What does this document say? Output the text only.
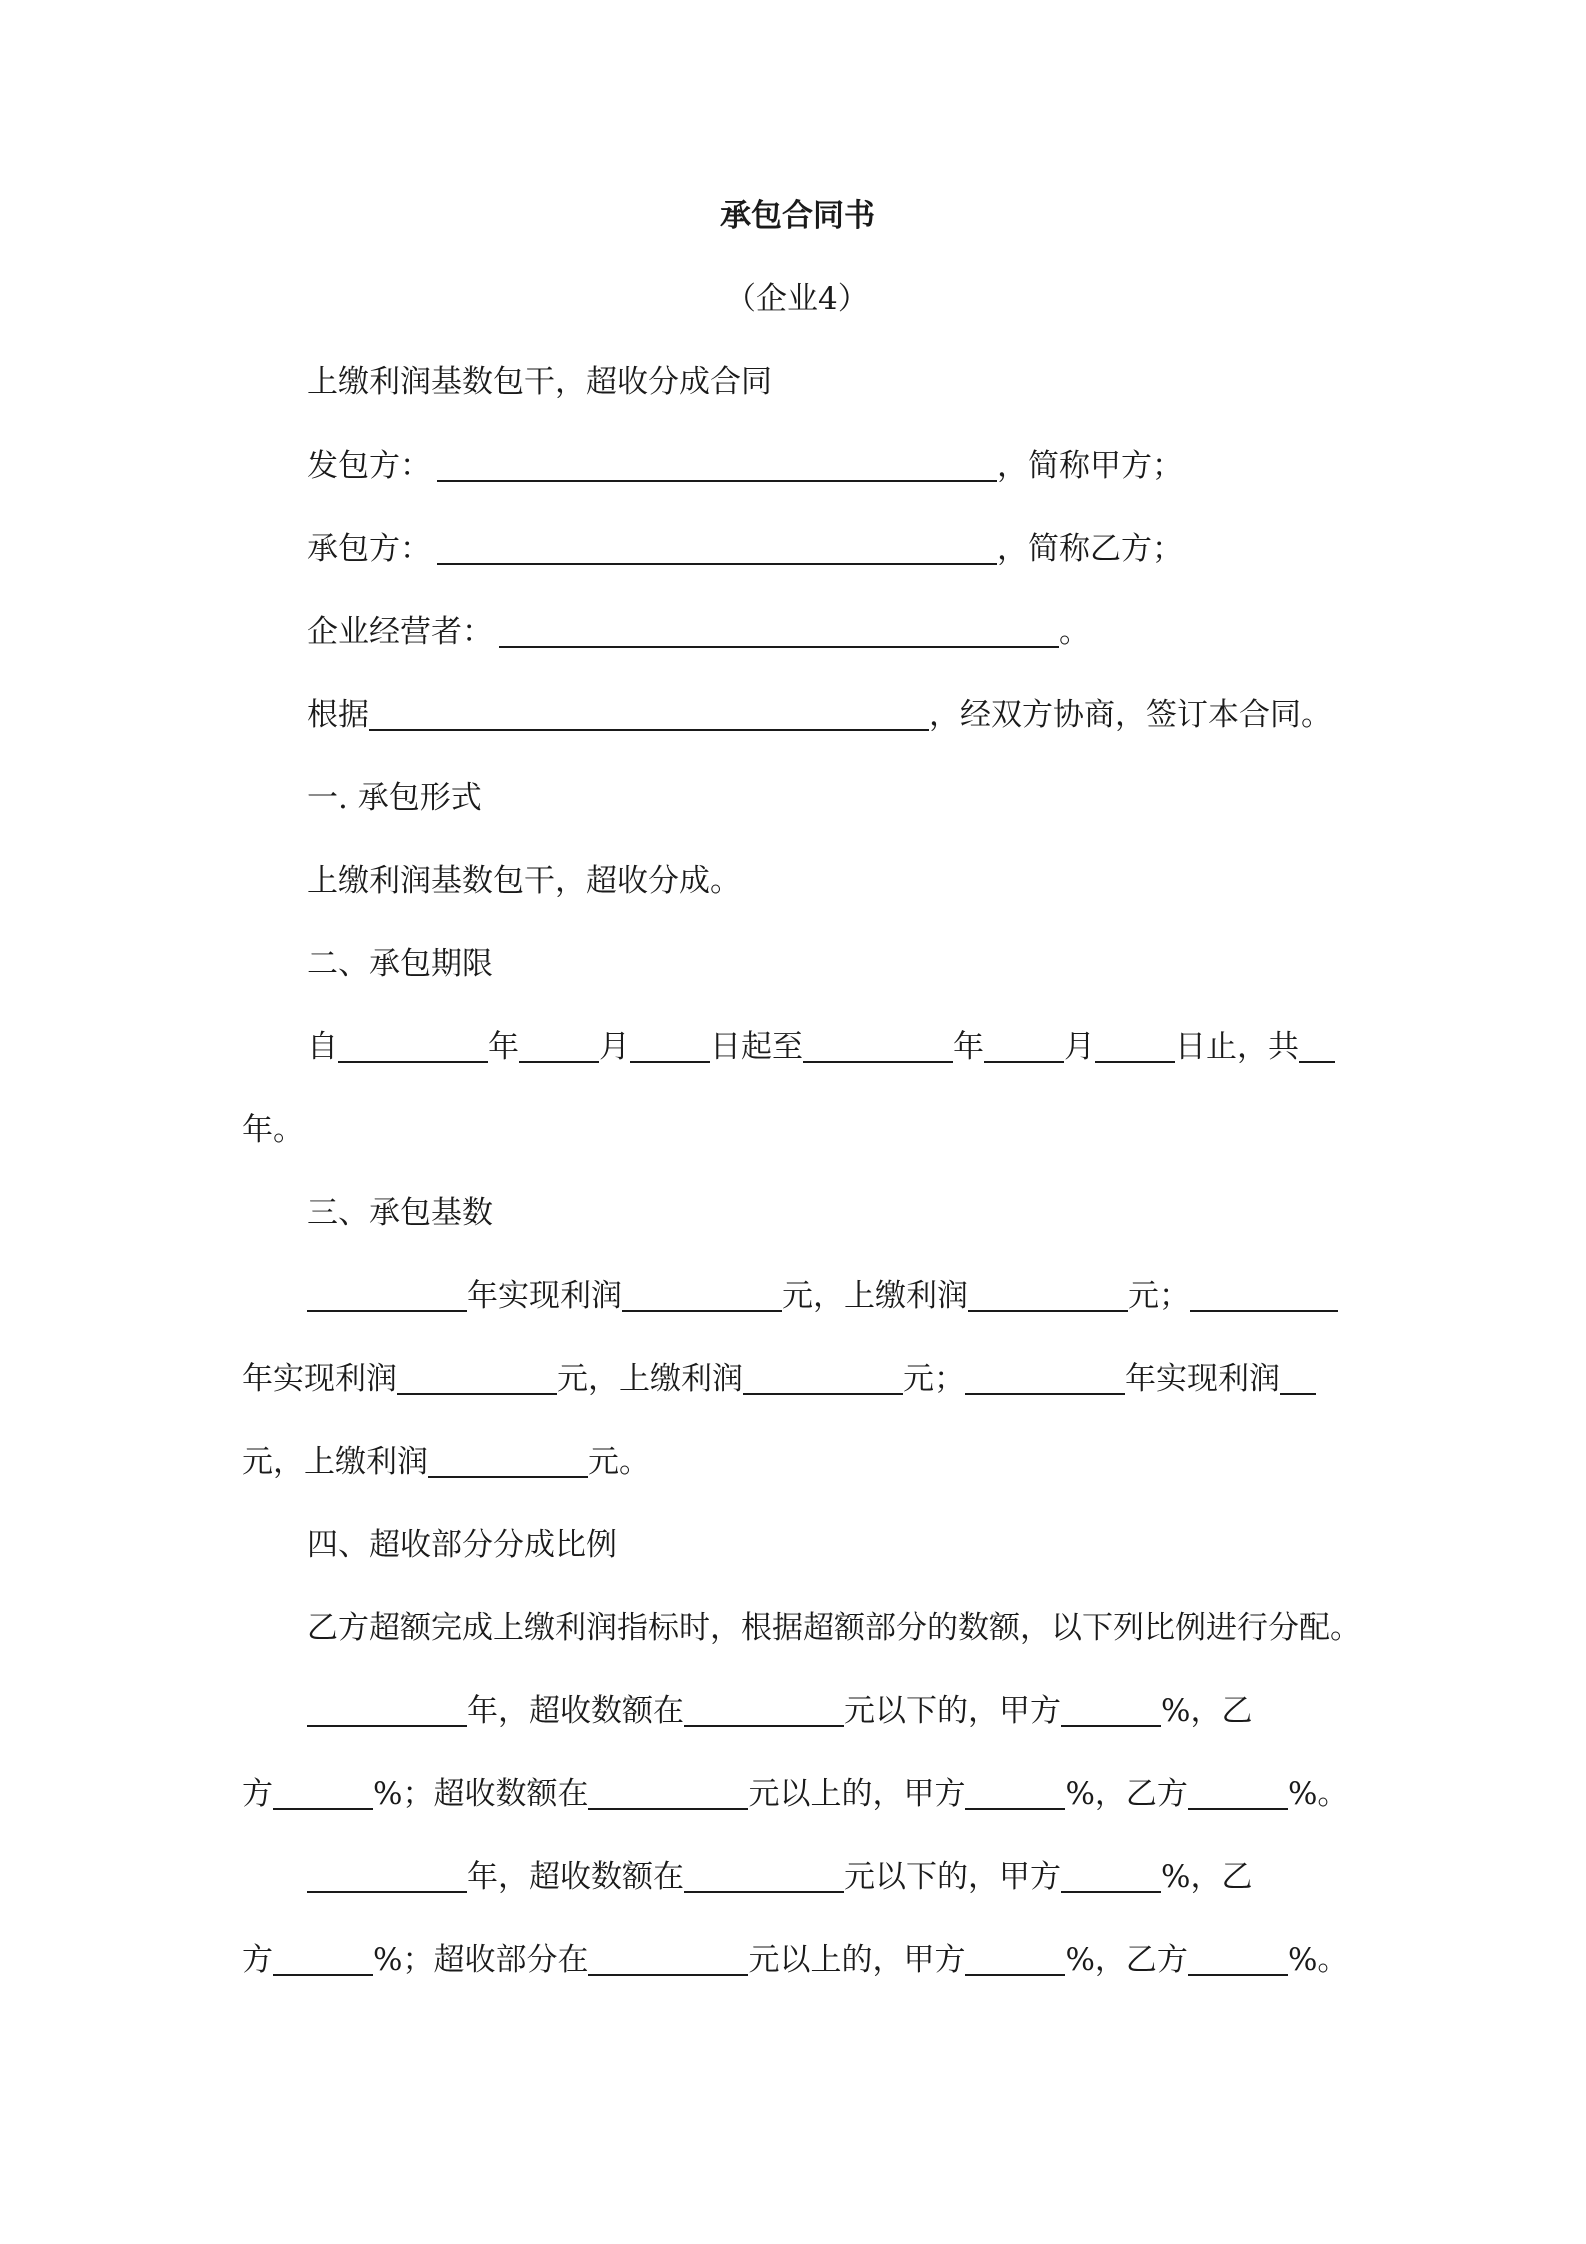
承包合同书
（企业4）
上缴利润基数包干，超收分成合同
发包方：	，简称甲方；
承包方：	，简称乙方；
企业经营者：	。
根据	，经双方协商，签订本合同。
一. 承包形式
上缴利润基数包干，超收分成。
二、承包期限
自	年	月	日起至	年	月	日止，共
年。
三、承包基数
年实现利润	元，上缴利润	元；
年实现利润	元，上缴利润	元；	年实现利润
元，上缴利润	元。
四、超收部分分成比例
乙方超额完成上缴利润指标时，根据超额部分的数额，以下列比例进行分配。
年，超收数额在	元以下的，甲方	%，乙
方	%；超收数额在	元以上的，甲方	%，乙方	%。
年，超收数额在	元以下的，甲方	%，乙
方	%；超收部分在	元以上的，甲方	%，乙方	%。
